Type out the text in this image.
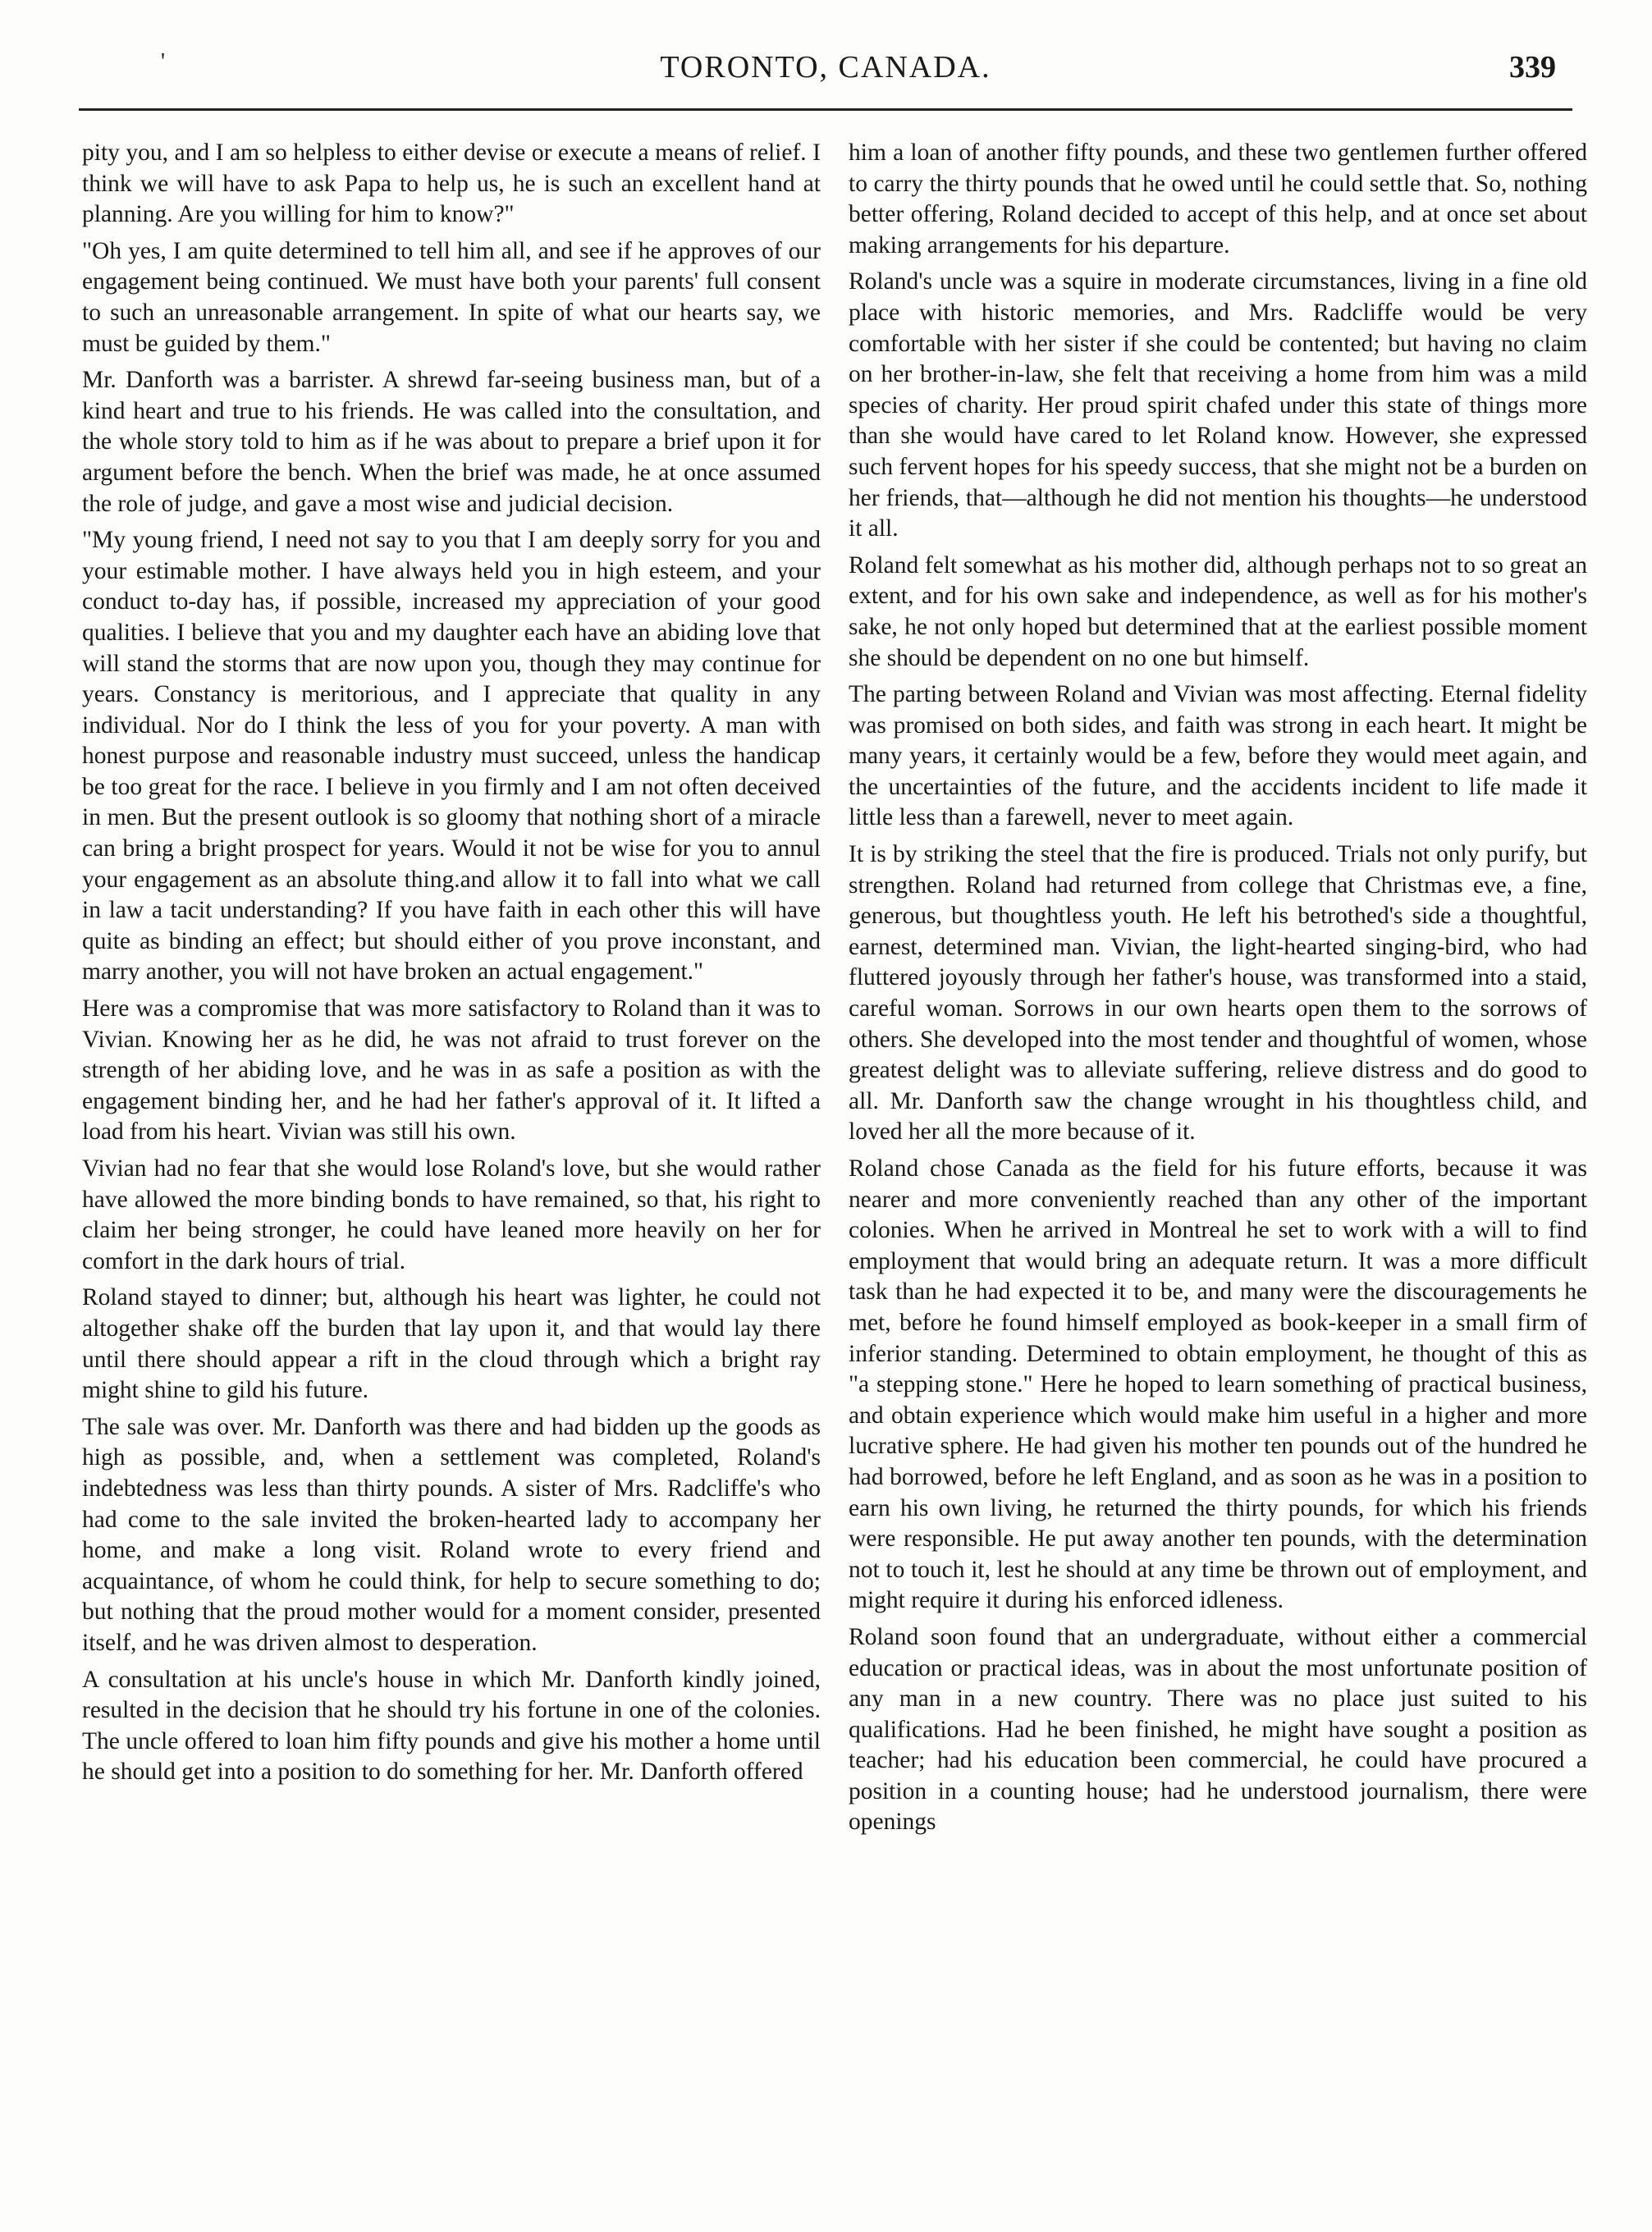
'	TORONTO, CANADA.	339

pity you, and I am so helpless to either devise or execute a means of relief. I think we will have to ask Papa to help us, he is such an excellent hand at planning. Are you willing for him to know?"

"Oh yes, I am quite determined to tell him all, and see if he approves of our engagement being continued. We must have both your parents' full consent to such an unreasonable arrangement. In spite of what our hearts say, we must be guided by them."

Mr. Danforth was a barrister. A shrewd far-seeing business man, but of a kind heart and true to his friends. He was called into the consultation, and the whole story told to him as if he was about to prepare a brief upon it for argument before the bench. When the brief was made, he at once assumed the role of judge, and gave a most wise and judicial decision.

"My young friend, I need not say to you that I am deeply sorry for you and your estimable mother. I have always held you in high esteem, and your conduct to-day has, if possible, increased my appreciation of your good qualities. I believe that you and my daughter each have an abiding love that will stand the storms that are now upon you, though they may continue for years. Constancy is meritorious, and I appreciate that quality in any individual. Nor do I think the less of you for your poverty. A man with honest purpose and reasonable industry must succeed, unless the handicap be too great for the race. I believe in you firmly and I am not often deceived in men. But the present outlook is so gloomy that nothing short of a miracle can bring a bright prospect for years. Would it not be wise for you to annul your engagement as an absolute thing.and allow it to fall into what we call in law a tacit understanding? If you have faith in each other this will have quite as binding an effect; but should either of you prove inconstant, and marry another, you will not have broken an actual engagement."

Here was a compromise that was more satisfactory to Roland than it was to Vivian. Knowing her as he did, he was not afraid to trust forever on the strength of her abiding love, and he was in as safe a position as with the engagement binding her, and he had her father's approval of it. It lifted a load from his heart. Vivian was still his own.

Vivian had no fear that she would lose Roland's love, but she would rather have allowed the more binding bonds to have remained, so that, his right to claim her being stronger, he could have leaned more heavily on her for comfort in the dark hours of trial.

Roland stayed to dinner; but, although his heart was lighter, he could not altogether shake off the burden that lay upon it, and that would lay there until there should appear a rift in the cloud through which a bright ray might shine to gild his future.

The sale was over. Mr. Danforth was there and had bidden up the goods as high as possible, and, when a settlement was completed, Roland's indebtedness was less than thirty pounds. A sister of Mrs. Radcliffe's who had come to the sale invited the broken-hearted lady to accompany her home, and make a long visit. Roland wrote to every friend and acquaintance, of whom he could think, for help to secure something to do; but nothing that the proud mother would for a moment consider, presented itself, and he was driven almost to desperation.

A consultation at his uncle's house in which Mr. Danforth kindly joined, resulted in the decision that he should try his fortune in one of the colonies. The uncle offered to loan him fifty pounds and give his mother a home until he should get into a position to do something for her. Mr. Danforth offered

him a loan of another fifty pounds, and these two gentlemen further offered to carry the thirty pounds that he owed until he could settle that. So, nothing better offering, Roland decided to accept of this help, and at once set about making arrangements for his departure.

Roland's uncle was a squire in moderate circumstances, living in a fine old place with historic memories, and Mrs. Radcliffe would be very comfortable with her sister if she could be contented; but having no claim on her brother-in-law, she felt that receiving a home from him was a mild species of charity. Her proud spirit chafed under this state of things more than she would have cared to let Roland know. However, she expressed such fervent hopes for his speedy success, that she might not be a burden on her friends, that—although he did not mention his thoughts—he understood it all.

Roland felt somewhat as his mother did, although perhaps not to so great an extent, and for his own sake and independence, as well as for his mother's sake, he not only hoped but determined that at the earliest possible moment she should be dependent on no one but himself.

The parting between Roland and Vivian was most affecting. Eternal fidelity was promised on both sides, and faith was strong in each heart. It might be many years, it certainly would be a few, before they would meet again, and the uncertainties of the future, and the accidents incident to life made it little less than a farewell, never to meet again.

It is by striking the steel that the fire is produced. Trials not only purify, but strengthen. Roland had returned from college that Christmas eve, a fine, generous, but thoughtless youth. He left his betrothed's side a thoughtful, earnest, determined man. Vivian, the light-hearted singing-bird, who had fluttered joyously through her father's house, was transformed into a staid, careful woman. Sorrows in our own hearts open them to the sorrows of others. She developed into the most tender and thoughtful of women, whose greatest delight was to alleviate suffering, relieve distress and do good to all. Mr. Danforth saw the change wrought in his thoughtless child, and loved her all the more because of it.

Roland chose Canada as the field for his future efforts, because it was nearer and more conveniently reached than any other of the important colonies. When he arrived in Montreal he set to work with a will to find employment that would bring an adequate return. It was a more difficult task than he had expected it to be, and many were the discouragements he met, before he found himself employed as book-keeper in a small firm of inferior standing. Determined to obtain employment, he thought of this as "a stepping stone." Here he hoped to learn something of practical business, and obtain experience which would make him useful in a higher and more lucrative sphere. He had given his mother ten pounds out of the hundred he had borrowed, before he left England, and as soon as he was in a position to earn his own living, he returned the thirty pounds, for which his friends were responsible. He put away another ten pounds, with the determination not to touch it, lest he should at any time be thrown out of employment, and might require it during his enforced idleness.

Roland soon found that an undergraduate, without either a commercial education or practical ideas, was in about the most unfortunate position of any man in a new country. There was no place just suited to his qualifications. Had he been finished, he might have sought a position as teacher; had his education been commercial, he could have procured a position in a counting house; had he understood journalism, there were openings
